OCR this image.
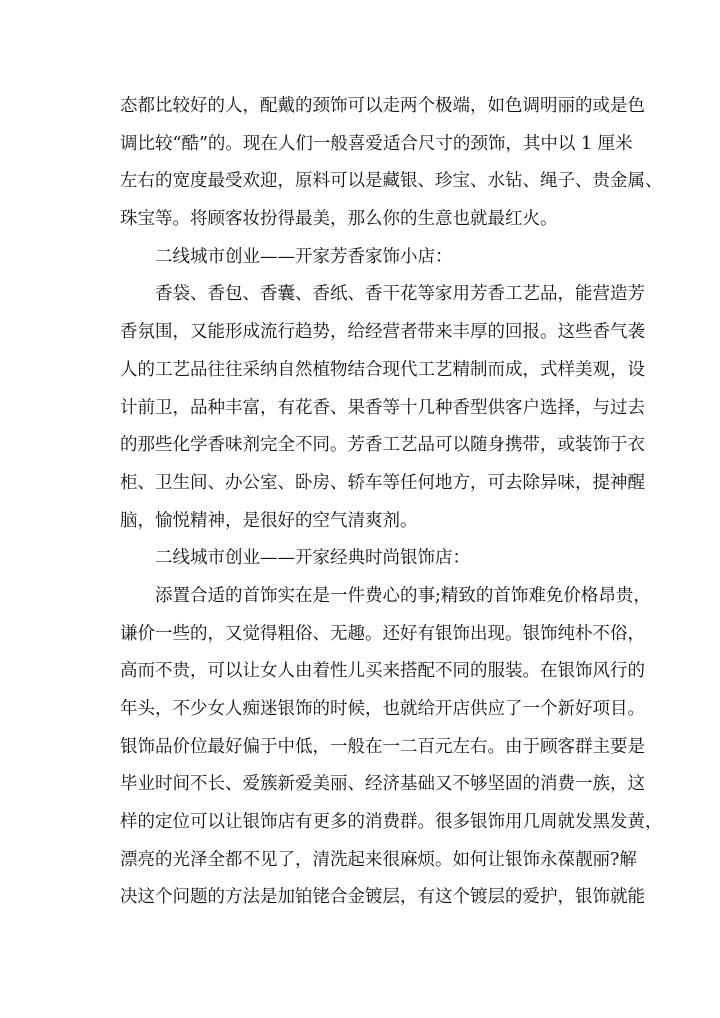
态都比较好的人，配戴的颈饰可以走两个极端，如色调明丽的或是色
调比较“酷”的。现在人们一般喜爱适合尺寸的颈饰，其中以 1 厘米
左右的宽度最受欢迎，原料可以是藏银、珍宝、水钻、绳子、贵金属、
珠宝等。将顾客妆扮得最美，那么你的生意也就最红火。
二线城市创业——开家芳香家饰小店：
香袋、香包、香囊、香纸、香干花等家用芳香工艺品，能营造芳
香氛围，又能形成流行趋势，给经营者带来丰厚的回报。这些香气袭
人的工艺品往往采纳自然植物结合现代工艺精制而成，式样美观，设
计前卫，品种丰富，有花香、果香等十几种香型供客户选择，与过去
的那些化学香味剂完全不同。芳香工艺品可以随身携带，或装饰于衣
柜、卫生间、办公室、卧房、轿车等任何地方，可去除异味，提神醒
脑，愉悦精神，是很好的空气清爽剂。
二线城市创业——开家经典时尚银饰店：
添置合适的首饰实在是一件费心的事;精致的首饰难免价格昂贵，
谦价一些的，又觉得粗俗、无趣。还好有银饰出现。银饰纯朴不俗，
高而不贵，可以让女人由着性儿买来搭配不同的服装。在银饰风行的
年头，不少女人痴迷银饰的时候，也就给开店供应了一个新好项目。
银饰品价位最好偏于中低，一般在一二百元左右。由于顾客群主要是
毕业时间不长、爱簇新爱美丽、经济基础又不够坚固的消费一族，这
样的定位可以让银饰店有更多的消费群。很多银饰用几周就发黑发黄，
漂亮的光泽全都不见了，清洗起来很麻烦。如何让银饰永葆靓丽?解
决这个问题的方法是加铂铑合金镀层，有这个镀层的爱护，银饰就能
